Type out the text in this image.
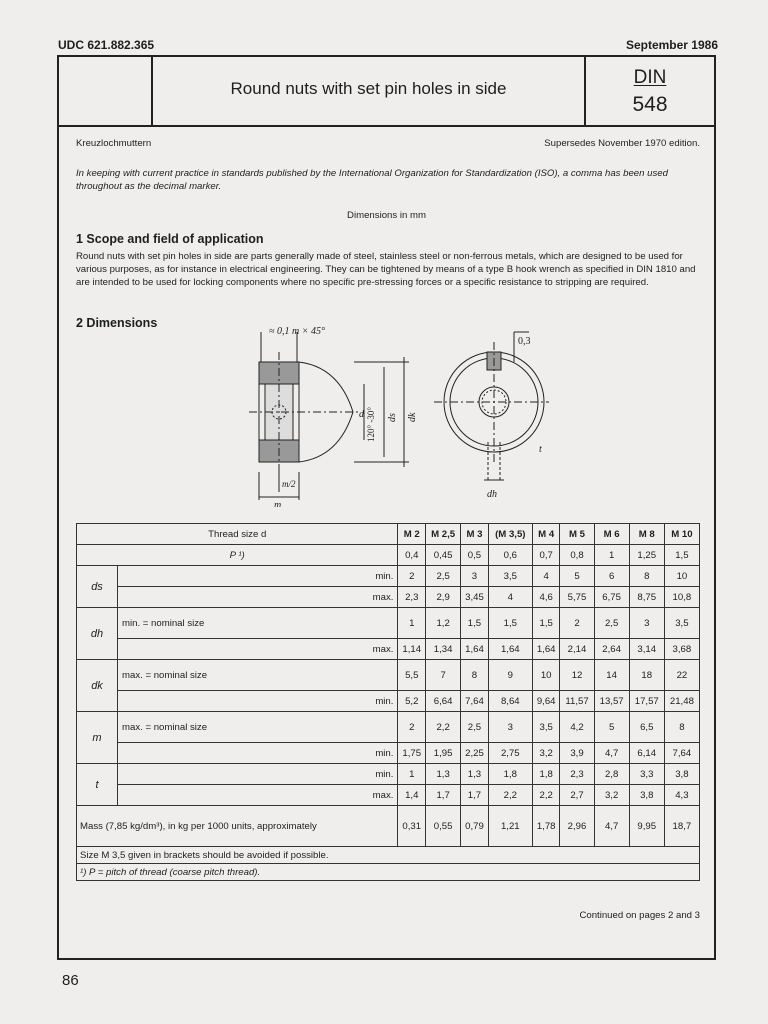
UDC 621.882.365	September 1986
Round nuts with set pin holes in side
DIN
548
Kreuzlochmuttern	Supersedes November 1970 edition.
In keeping with current practice in standards published by the International Organization for Standardization (ISO), a comma has been used throughout as the decimal marker.
Dimensions in mm
1 Scope and field of application
Round nuts with set pin holes in side are parts generally made of steel, stainless steel or non-ferrous metals, which are designed to be used for various purposes, as for instance in electrical engineering. They can be tightened by means of a type B hook wrench as specified in DIN 1810 and are intended to be used for locking components where no specific pre-stressing forces or a specific resistance to stripping are required.
2 Dimensions
≈ 0,1 m × 45°
d 120° -30° ds dk
m/2
m
0,3
t
dh
Thread size d		M 2	M 2,5	M 3	(M 3,5)	M 4	M 5	M 6	M 8	M 10
P ¹)		0,4	0,45	0,5	0,6	0,7	0,8	1	1,25	1,5
ds	min.	2	2,5	3	3,5	4	5	6	8	10
	max.	2,3	2,9	3,45	4	4,6	5,75	6,75	8,75	10,8
dh	min. = nominal size	1	1,2	1,5	1,5	1,5	2	2,5	3	3,5
	max.	1,14	1,34	1,64	1,64	1,64	2,14	2,64	3,14	3,68
dk	max. = nominal size	5,5	7	8	9	10	12	14	18	22
	min.	5,2	6,64	7,64	8,64	9,64	11,57	13,57	17,57	21,48
m	max. = nominal size	2	2,2	2,5	3	3,5	4,2	5	6,5	8
	min.	1,75	1,95	2,25	2,75	3,2	3,9	4,7	6,14	7,64
t	min.	1	1,3	1,3	1,8	1,8	2,3	2,8	3,3	3,8
	max.	1,4	1,7	1,7	2,2	2,2	2,7	3,2	3,8	4,3
Mass (7,85 kg/dm³), in kg per 1000 units, approximately		0,31	0,55	0,79	1,21	1,78	2,96	4,7	9,95	18,7
Size M 3,5 given in brackets should be avoided if possible.										
¹) P = pitch of thread (coarse pitch thread).										
Continued on pages 2 and 3
86
